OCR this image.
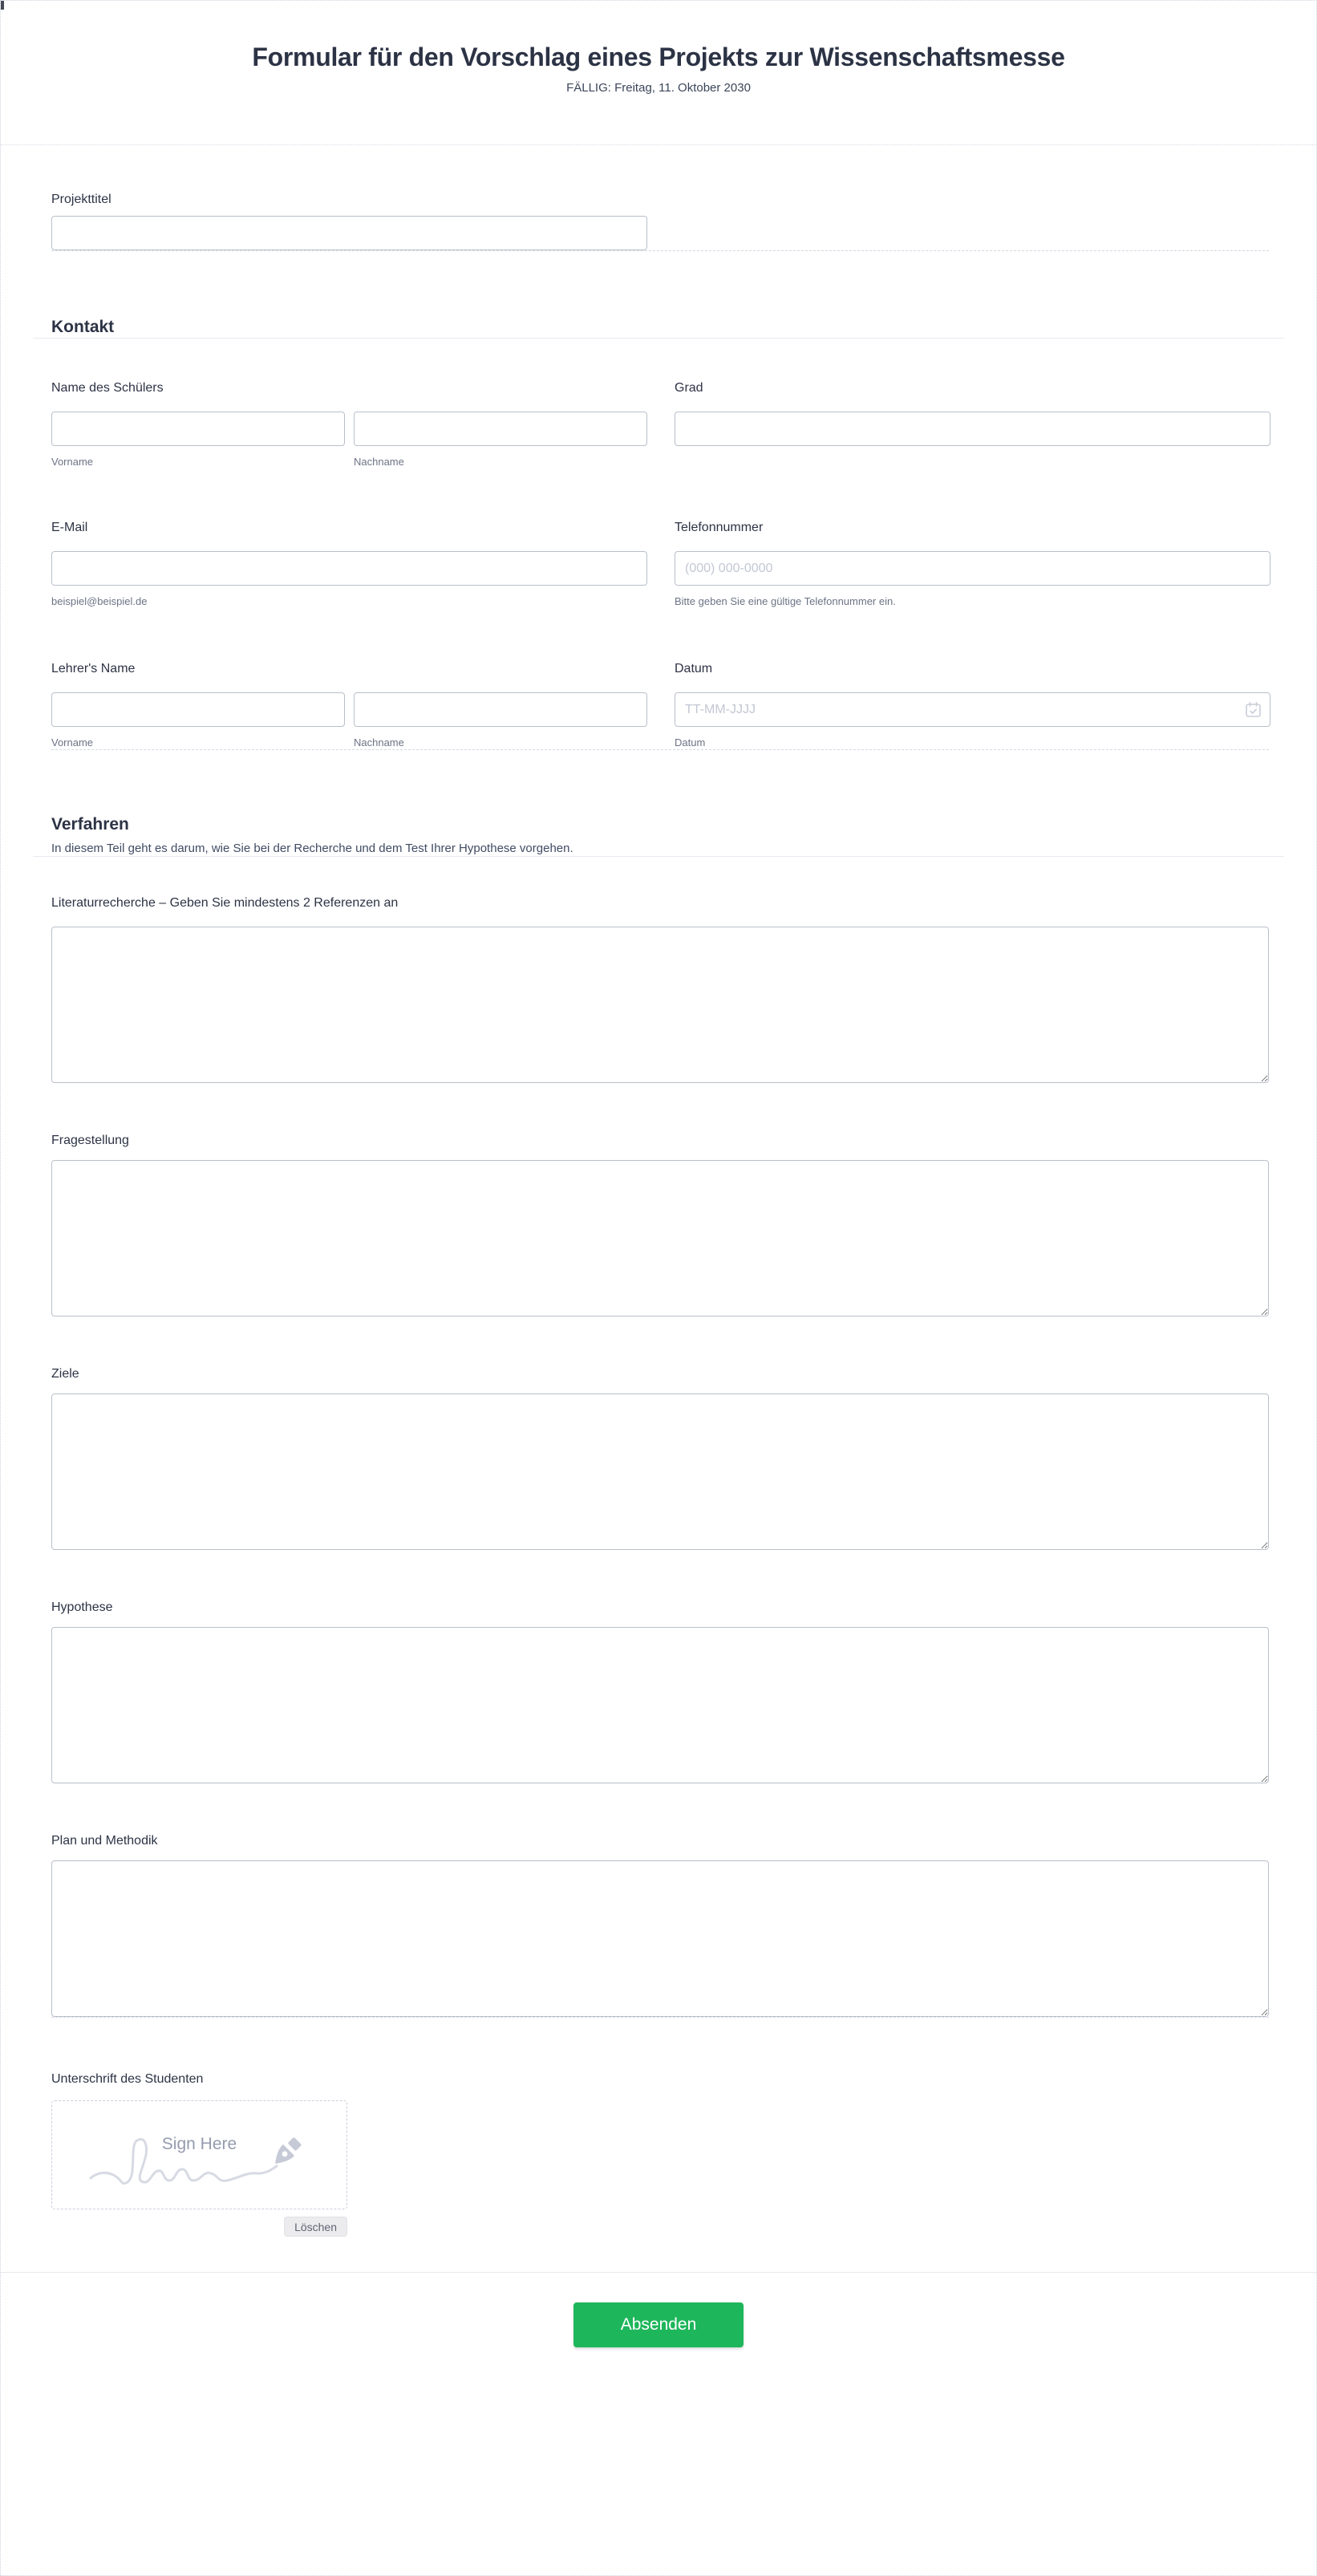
Formular für den Vorschlag eines Projekts zur Wissenschaftsmesse
FÄLLIG: Freitag, 11. Oktober 2030
Projekttitel
Kontakt
Name des Schülers
Vorname	Nachname
Grad
E-Mail
beispiel@beispiel.de
Telefonnummer
(000) 000-0000
Bitte geben Sie eine gültige Telefonnummer ein.
Lehrer's Name
Vorname	Nachname
Datum
TT-MM-JJJJ
Datum
Verfahren

In diesem Teil geht es darum, wie Sie bei der Recherche und dem Test Ihrer Hypothese vorgehen.

Literaturrecherche – Geben Sie mindestens 2 Referenzen an
Fragestellung
Ziele
Hypothese
Plan und Methodik
Unterschrift des Studenten
Sign Here
Löschen
Absenden
